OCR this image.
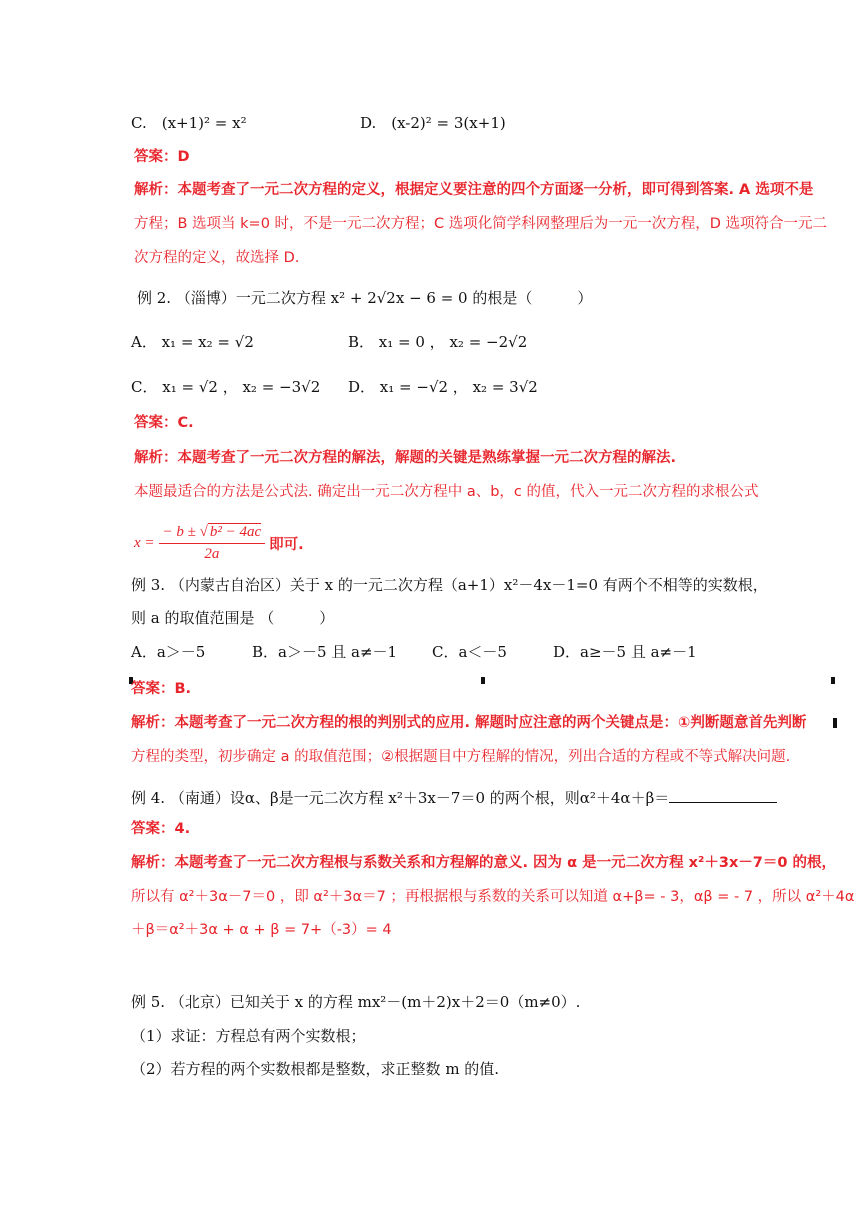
C.　(x+1)² = x²	D.　(x-2)² = 3(x+1)
答案：D
解析：本题考查了一元二次方程的定义，根据定义要注意的四个方面逐一分析，即可得到答案. A 选项不是
方程；B 选项当 k=0 时，不是一元二次方程；C 选项化简学科网整理后为一元一次方程，D 选项符合一元二
次方程的定义，故选择 D.
例 2. （淄博）一元二次方程 x² + 2√2x − 6 = 0 的根是（　　　）
A． x₁ = x₂ = √2	B． x₁ = 0 ， x₂ = −2√2
C． x₁ = √2 ， x₂ = −3√2 D． x₁ = −√2 ， x₂ = 3√2
答案：C.
解析：本题考查了一元二次方程的解法，解题的关键是熟练掌握一元二次方程的解法.
本题最适合的方法是公式法. 确定出一元二次方程中 a、b，c 的值，代入一元二次方程的求根公式
$x = \frac{\text{− b ± √ b² − 4ac}}{2a}$ 即可.
例 3. （内蒙古自治区）关于 x 的一元二次方程（a+1）x²－4x－1=0 有两个不相等的实数根，
则 a 的取值范围是 （　　　）
A．a＞－5	B．a＞－5 且 a≠－1 C．a＜－5	D．a≥－5 且 a≠－1
答案：B.
解析：本题考查了一元二次方程的根的判别式的应用. 解题时应注意的两个关键点是：①判断题意首先判断
方程的类型，初步确定 a 的取值范围；②根据题目中方程解的情况，列出合适的方程或不等式解决问题.
例 4. （南通）设α、β是一元二次方程 x²＋3x－7＝0 的两个根，则α²＋4α＋β＝
答案：4.
解析：本题考查了一元二次方程根与系数关系和方程解的意义. 因为 α 是一元二次方程 x²＋3x－7＝0 的根，
所以有 α²＋3α－7＝0 ，即 α²＋3α＝7 ；再根据根与系数的关系可以知道 α+β= - 3，αβ = - 7 ，所以 α²＋4α
＋β＝α²＋3α + α + β = 7+（-3）= 4
例 5. （北京）已知关于 x 的方程 mx²－(m＋2)x＋2＝0（m≠0）.
（1）求证：方程总有两个实数根；
（2）若方程的两个实数根都是整数，求正整数 m 的值.
